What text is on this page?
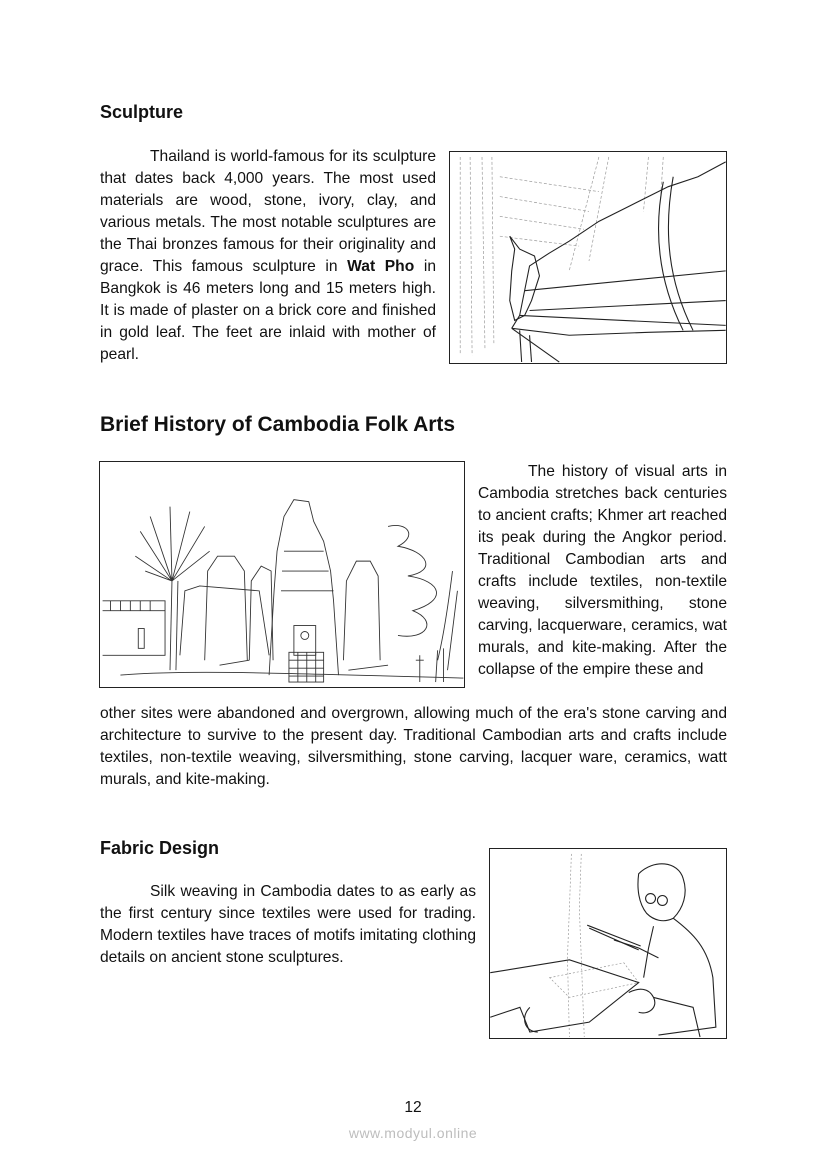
Sculpture

Thailand is world-famous for its sculpture that dates back 4,000 years. The most used materials are wood, stone, ivory, clay, and various metals. The most notable sculptures are the Thai bronzes famous for their originality and grace. This famous sculpture in Wat Pho in Bangkok is 46 meters long and 15 meters high. It is made of plaster on a brick core and finished in gold leaf. The feet are inlaid with mother of pearl.

Brief History of Cambodia Folk Arts

The history of visual arts in Cambodia stretches back centuries to ancient crafts; Khmer art reached its peak during the Angkor period. Traditional Cambodian arts and crafts include textiles, non-textile weaving, silversmithing, stone carving, lacquerware, ceramics, wat murals, and kite-making. After the collapse of the empire these and

other sites were abandoned and overgrown, allowing much of the era's stone carving and architecture to survive to the present day. Traditional Cambodian arts and crafts include textiles, non-textile weaving, silversmithing, stone carving, lacquer ware, ceramics, watt murals, and kite-making.

Fabric Design

Silk weaving in Cambodia dates to as early as the first century since textiles were used for trading. Modern textiles have traces of motifs imitating clothing details on ancient stone sculptures.

12
www.modyul.online
